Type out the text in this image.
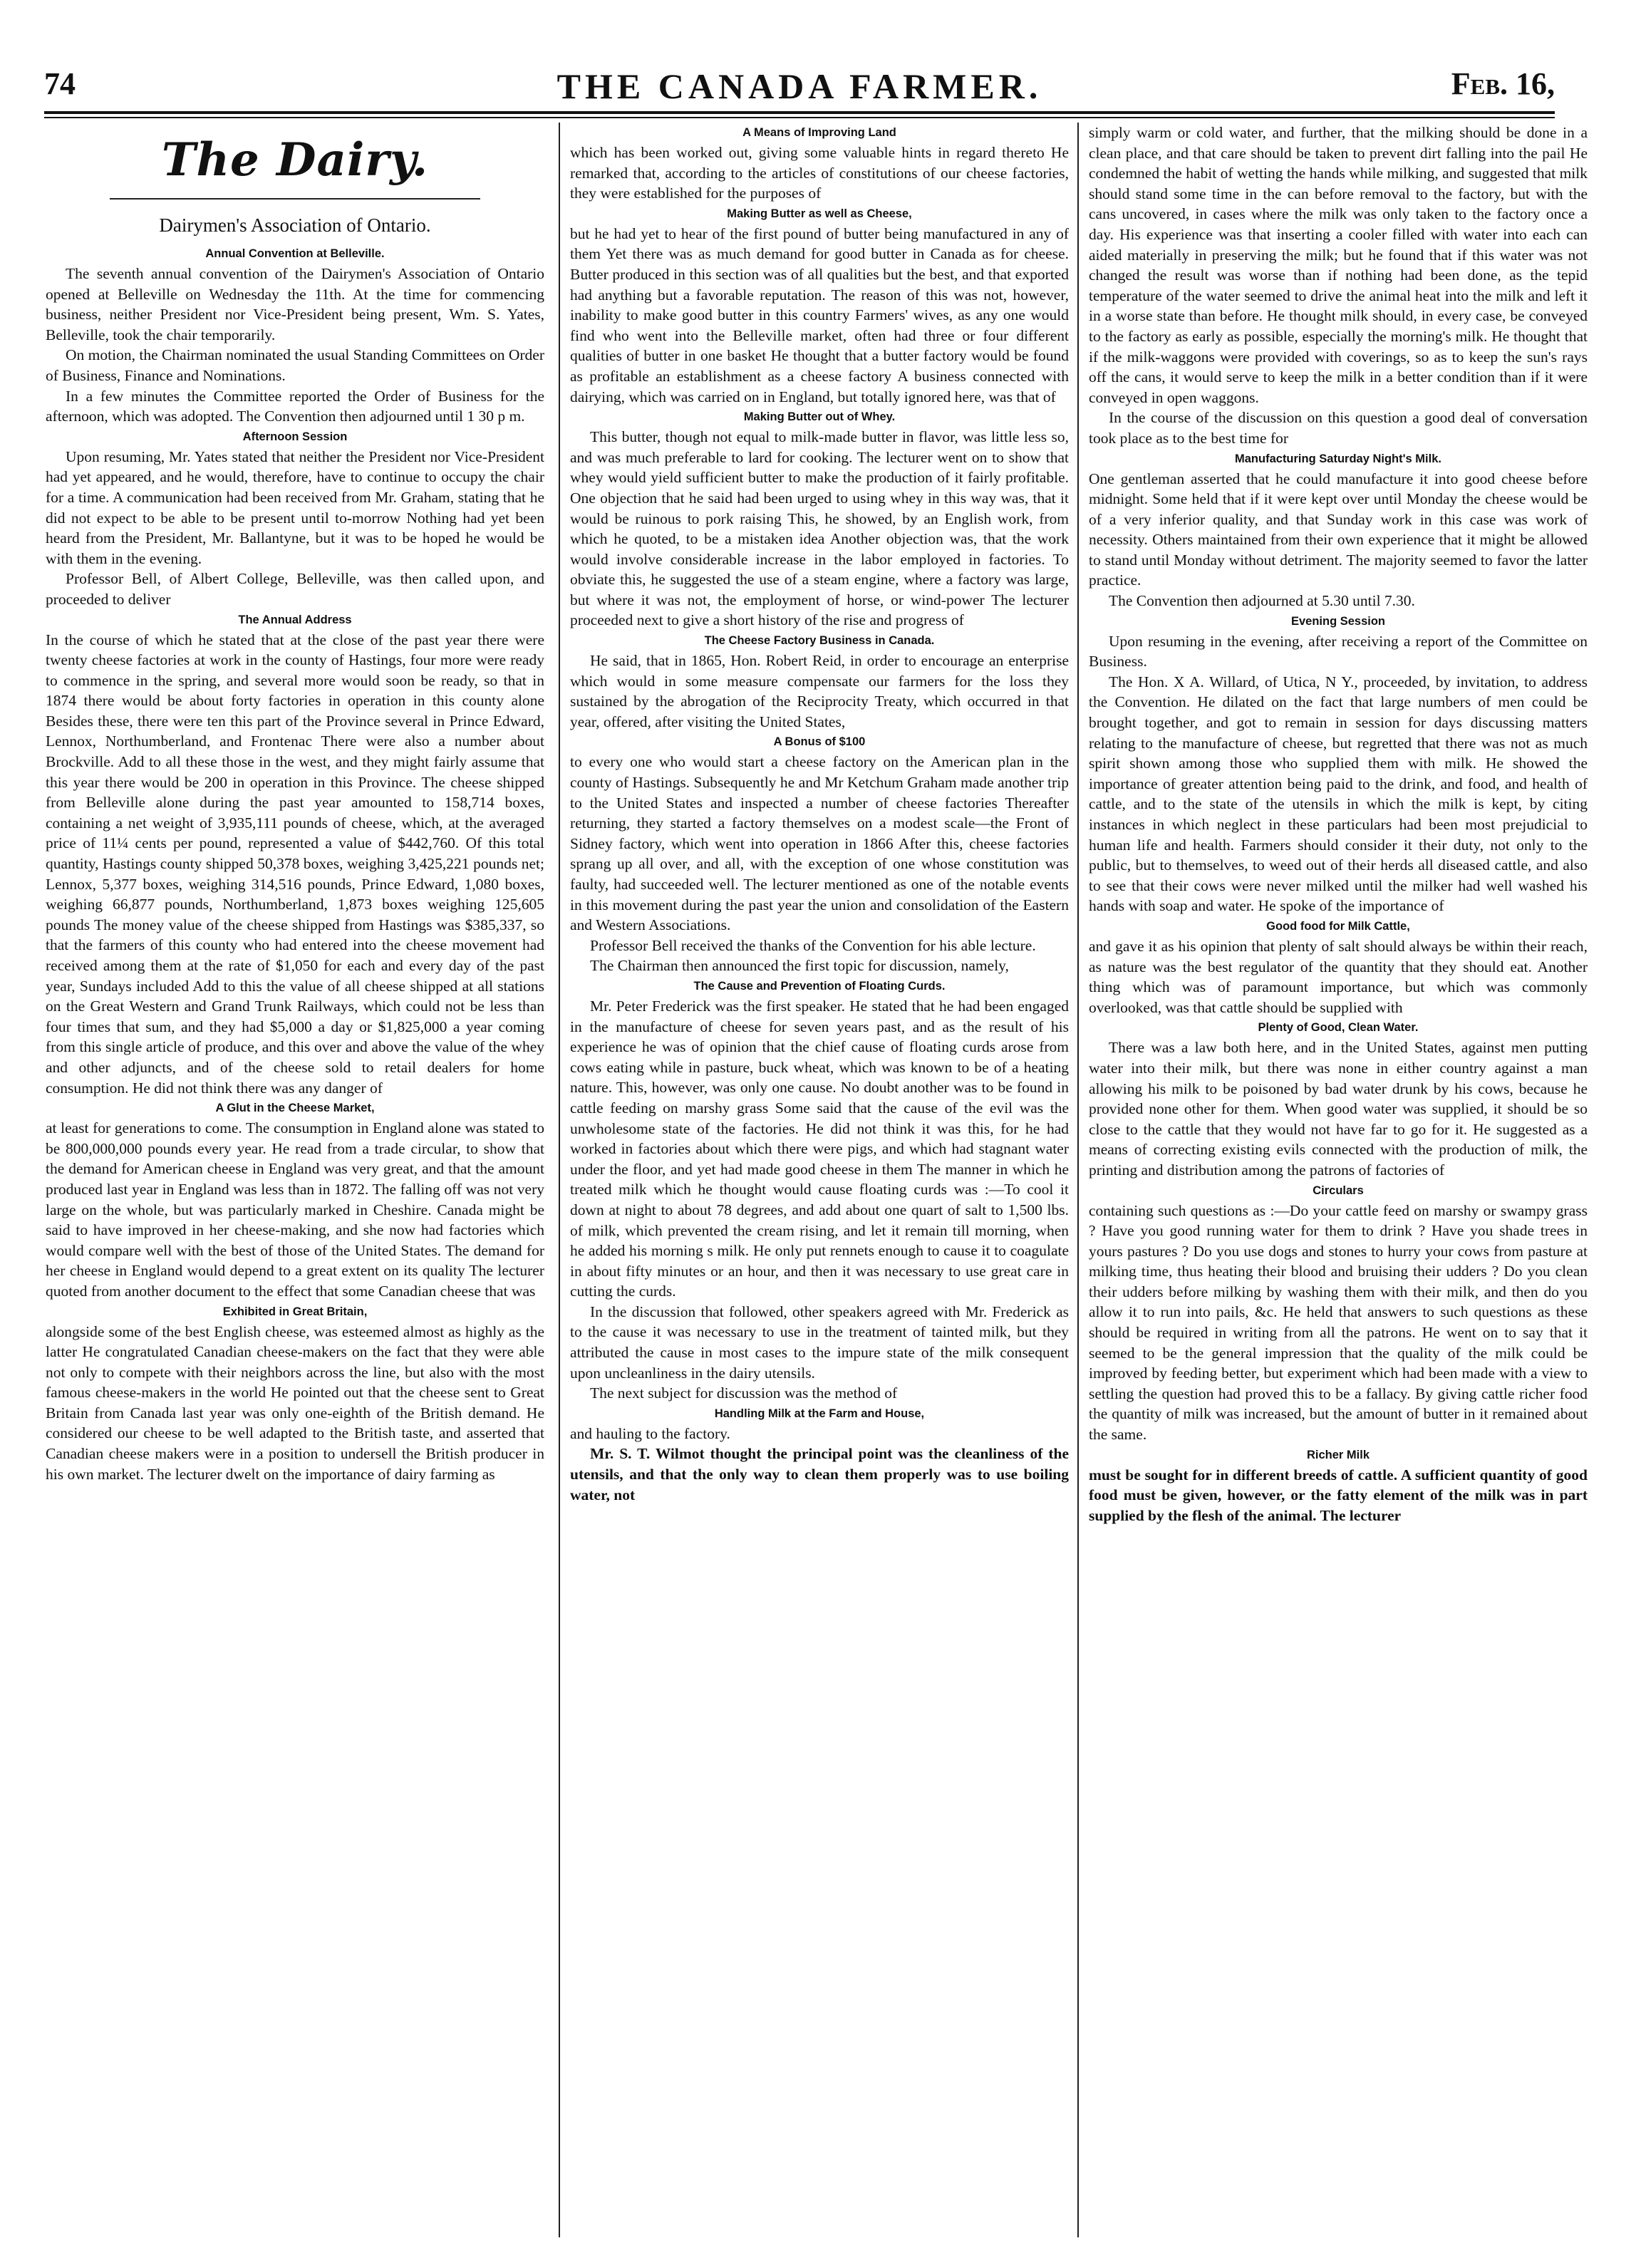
THE CANADA FARMER.
74	Feb. 16,
The Dairy.
Dairymen's Association of Ontario.
Annual Convention at Belleville.

The seventh annual convention of the Dairymen's Association of Ontario opened at Belleville on Wednesday the 11th. At the time for commencing business, neither President nor Vice-President being present, Wm. S. Yates, Belleville, took the chair temporarily.

On motion, the Chairman nominated the usual Standing Committees on Order of Business, Finance and Nominations.

In a few minutes the Committee reported the Order of Business for the afternoon, which was adopted. The Convention then adjourned until 1 30 p m.

Afternoon Session

Upon resuming, Mr. Yates stated that neither the President nor Vice-President had yet appeared, and he would, therefore, have to continue to occupy the chair for a time. A communication had been received from Mr. Graham, stating that he did not expect to be able to be present until to-morrow Nothing had yet been heard from the President, Mr. Ballantyne, but it was to be hoped he would be with them in the evening.

Professor Bell, of Albert College, Belleville, was then called upon, and proceeded to deliver

The Annual Address

In the course of which he stated that at the close of the past year there were twenty cheese factories at work in the county of Hastings, four more were ready to commence in the spring, and several more would soon be ready, so that in 1874 there would be about forty factories in operation in this county alone Besides these, there were ten this part of the Province several in Prince Edward, Lennox, Northumberland, and Frontenac There were also a number about Brockville. Add to all these those in the west, and they might fairly assume that this year there would be 200 in operation in this Province. The cheese shipped from Belleville alone during the past year amounted to 158,714 boxes, containing a net weight of 3,935,111 pounds of cheese, which, at the averaged price of 11¼ cents per pound, represented a value of $442,760. Of this total quantity, Hastings county shipped 50,378 boxes, weighing 3,425,221 pounds net; Lennox, 5,377 boxes, weighing 314,516 pounds, Prince Edward, 1,080 boxes, weighing 66,877 pounds, Northumberland, 1,873 boxes weighing 125,605 pounds The money value of the cheese shipped from Hastings was $385,337, so that the farmers of this county who had entered into the cheese movement had received among them at the rate of $1,050 for each and every day of the past year, Sundays included Add to this the value of all cheese shipped at all stations on the Great Western and Grand Trunk Railways, which could not be less than four times that sum, and they had $5,000 a day or $1,825,000 a year coming from this single article of produce, and this over and above the value of the whey and other adjuncts, and of the cheese sold to retail dealers for home consumption. He did not think there was any danger of

A Glut in the Cheese Market,

at least for generations to come. The consumption in England alone was stated to be 800,000,000 pounds every year. He read from a trade circular, to show that the demand for American cheese in England was very great, and that the amount produced last year in England was less than in 1872. The falling off was not very large on the whole, but was particularly marked in Cheshire. Canada might be said to have improved in her cheese-making, and she now had factories which would compare well with the best of those of the United States. The demand for her cheese in England would depend to a great extent on its quality The lecturer quoted from another document to the effect that some Canadian cheese that was

Exhibited in Great Britain,

alongside some of the best English cheese, was esteemed almost as highly as the latter He congratulated Canadian cheese-makers on the fact that they were able not only to compete with their neighbors across the line, but also with the most famous cheese-makers in the world He pointed out that the cheese sent to Great Britain from Canada last year was only one-eighth of the British demand. He considered our cheese to be well adapted to the British taste, and asserted that Canadian cheese makers were in a position to undersell the British producer in his own market. The lecturer dwelt on the importance of dairy farming as

A Means of Improving Land

which has been worked out, giving some valuable hints in regard thereto He remarked that, according to the articles of constitutions of our cheese factories, they were established for the purposes of

Making Butter as well as Cheese,

but he had yet to hear of the first pound of butter being manufactured in any of them Yet there was as much demand for good butter in Canada as for cheese. Butter produced in this section was of all qualities but the best, and that exported had anything but a favorable reputation. The reason of this was not, however, inability to make good butter in this country Farmers' wives, as any one would find who went into the Belleville market, often had three or four different qualities of butter in one basket He thought that a butter factory would be found as profitable an establishment as a cheese factory A business connected with dairying, which was carried on in England, but totally ignored here, was that of

Making Butter out of Whey.

This butter, though not equal to milk-made butter in flavor, was little less so, and was much preferable to lard for cooking. The lecturer went on to show that whey would yield sufficient butter to make the production of it fairly profitable. One objection that he said had been urged to using whey in this way was, that it would be ruinous to pork raising This, he showed, by an English work, from which he quoted, to be a mistaken idea Another objection was, that the work would involve considerable increase in the labor employed in factories. To obviate this, he suggested the use of a steam engine, where a factory was large, but where it was not, the employment of horse, or wind-power The lecturer proceeded next to give a short history of the rise and progress of

The Cheese Factory Business in Canada.

He said, that in 1865, Hon. Robert Reid, in order to encourage an enterprise which would in some measure compensate our farmers for the loss they sustained by the abrogation of the Reciprocity Treaty, which occurred in that year, offered, after visiting the United States,

A Bonus of $100

to every one who would start a cheese factory on the American plan in the county of Hastings. Subsequently he and Mr Ketchum Graham made another trip to the United States and inspected a number of cheese factories Thereafter returning, they started a factory themselves on a modest scale—the Front of Sidney factory, which went into operation in 1866 After this, cheese factories sprang up all over, and all, with the exception of one whose constitution was faulty, had succeeded well. The lecturer mentioned as one of the notable events in this movement during the past year the union and consolidation of the Eastern and Western Associations.

Professor Bell received the thanks of the Convention for his able lecture.

The Chairman then announced the first topic for discussion, namely,

The Cause and Prevention of Floating Curds.

Mr. Peter Frederick was the first speaker. He stated that he had been engaged in the manufacture of cheese for seven years past, and as the result of his experience he was of opinion that the chief cause of floating curds arose from cows eating while in pasture, buck wheat, which was known to be of a heating nature. This, however, was only one cause. No doubt another was to be found in cattle feeding on marshy grass Some said that the cause of the evil was the unwholesome state of the factories. He did not think it was this, for he had worked in factories about which there were pigs, and which had stagnant water under the floor, and yet had made good cheese in them The manner in which he treated milk which he thought would cause floating curds was :—To cool it down at night to about 78 degrees, and add about one quart of salt to 1,500 lbs. of milk, which prevented the cream rising, and let it remain till morning, when he added his morning s milk. He only put rennets enough to cause it to coagulate in about fifty minutes or an hour, and then it was necessary to use great care in cutting the curds.

In the discussion that followed, other speakers agreed with Mr. Frederick as to the cause it was necessary to use in the treatment of tainted milk, but they attributed the cause in most cases to the impure state of the milk consequent upon uncleanliness in the dairy utensils.

The next subject for discussion was the method of

Handling Milk at the Farm and House,

and hauling to the factory.

Mr. S. T. Wilmot thought the principal point was the cleanliness of the utensils, and that the only way to clean them properly was to use boiling water, not

simply warm or cold water, and further, that the milking should be done in a clean place, and that care should be taken to prevent dirt falling into the pail He condemned the habit of wetting the hands while milking, and suggested that milk should stand some time in the can before removal to the factory, but with the cans uncovered, in cases where the milk was only taken to the factory once a day. His experience was that inserting a cooler filled with water into each can aided materially in preserving the milk; but he found that if this water was not changed the result was worse than if nothing had been done, as the tepid temperature of the water seemed to drive the animal heat into the milk and left it in a worse state than before. He thought milk should, in every case, be conveyed to the factory as early as possible, especially the morning's milk. He thought that if the milk-waggons were provided with coverings, so as to keep the sun's rays off the cans, it would serve to keep the milk in a better condition than if it were conveyed in open waggons.

In the course of the discussion on this question a good deal of conversation took place as to the best time for

Manufacturing Saturday Night's Milk.

One gentleman asserted that he could manufacture it into good cheese before midnight. Some held that if it were kept over until Monday the cheese would be of a very inferior quality, and that Sunday work in this case was work of necessity. Others maintained from their own experience that it might be allowed to stand until Monday without detriment. The majority seemed to favor the latter practice.

The Convention then adjourned at 5.30 until 7.30.

Evening Session

Upon resuming in the evening, after receiving a report of the Committee on Business.

The Hon. X A. Willard, of Utica, N Y., proceeded, by invitation, to address the Convention. He dilated on the fact that large numbers of men could be brought together, and got to remain in session for days discussing matters relating to the manufacture of cheese, but regretted that there was not as much spirit shown among those who supplied them with milk. He showed the importance of greater attention being paid to the drink, and food, and health of cattle, and to the state of the utensils in which the milk is kept, by citing instances in which neglect in these particulars had been most prejudicial to human life and health. Farmers should consider it their duty, not only to the public, but to themselves, to weed out of their herds all diseased cattle, and also to see that their cows were never milked until the milker had well washed his hands with soap and water. He spoke of the importance of

Good food for Milk Cattle,

and gave it as his opinion that plenty of salt should always be within their reach, as nature was the best regulator of the quantity that they should eat. Another thing which was of paramount importance, but which was commonly overlooked, was that cattle should be supplied with

Plenty of Good, Clean Water.

There was a law both here, and in the United States, against men putting water into their milk, but there was none in either country against a man allowing his milk to be poisoned by bad water drunk by his cows, because he provided none other for them. When good water was supplied, it should be so close to the cattle that they would not have far to go for it. He suggested as a means of correcting existing evils connected with the production of milk, the printing and distribution among the patrons of factories of

Circulars

containing such questions as :—Do your cattle feed on marshy or swampy grass ? Have you good running water for them to drink ? Have you shade trees in yours pastures ? Do you use dogs and stones to hurry your cows from pasture at milking time, thus heating their blood and bruising their udders ? Do you clean their udders before milking by washing them with their milk, and then do you allow it to run into pails, &c. He held that answers to such questions as these should be required in writing from all the patrons. He went on to say that it seemed to be the general impression that the quality of the milk could be improved by feeding better, but experiment which had been made with a view to settling the question had proved this to be a fallacy. By giving cattle richer food the quantity of milk was increased, but the amount of butter in it remained about the same.

Richer Milk

must be sought for in different breeds of cattle. A sufficient quantity of good food must be given, however, or the fatty element of the milk was in part supplied by the flesh of the animal. The lecturer
